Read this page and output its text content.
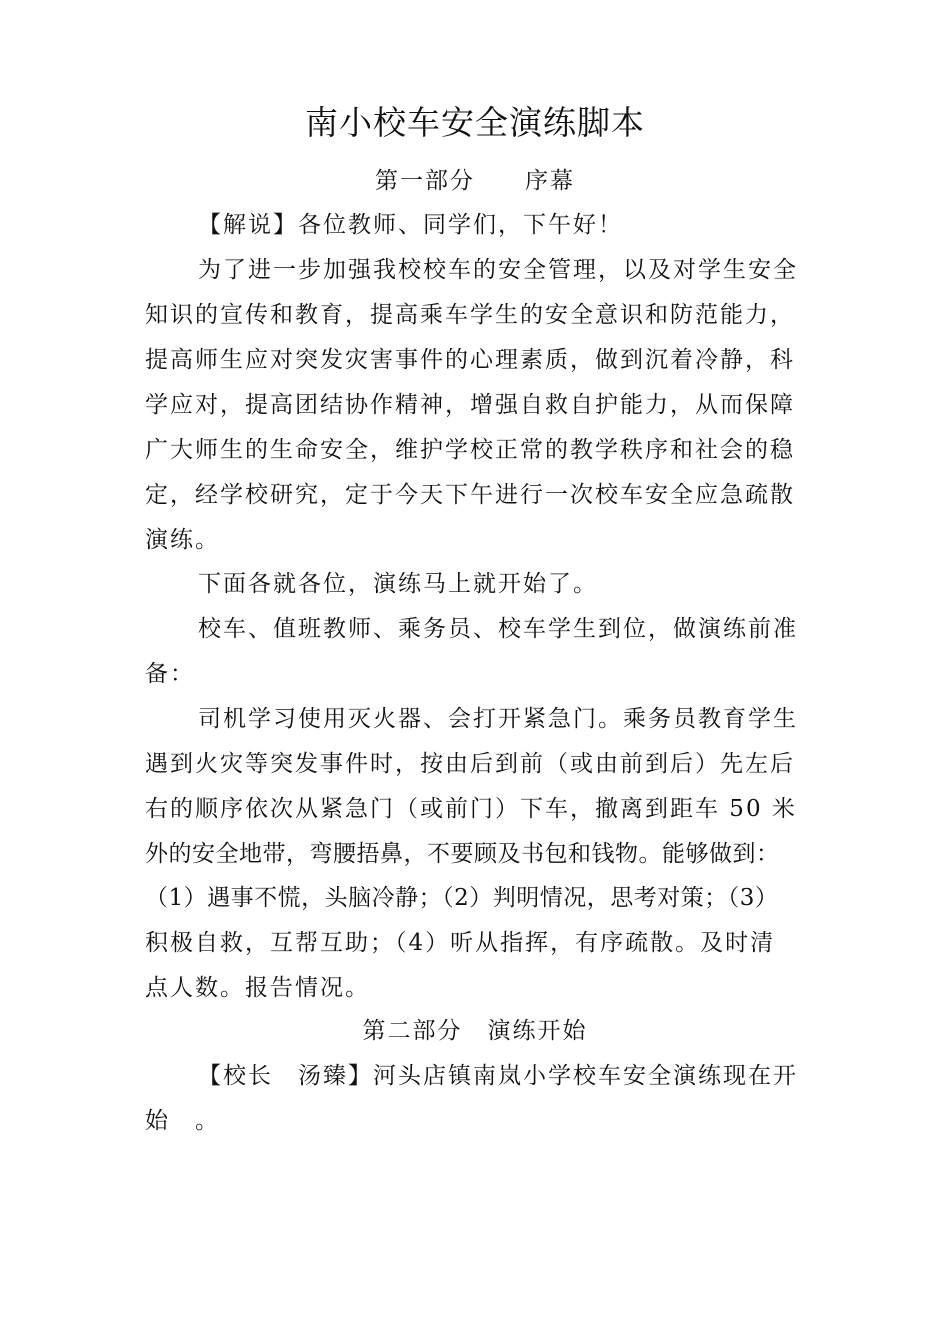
南小校车安全演练脚本
第一部分　　序幕
【解说】各位教师、同学们，下午好！
为了进一步加强我校校车的安全管理，以及对学生安全
知识的宣传和教育，提高乘车学生的安全意识和防范能力，
提高师生应对突发灾害事件的心理素质，做到沉着冷静，科
学应对，提高团结协作精神，增强自救自护能力，从而保障
广大师生的生命安全，维护学校正常的教学秩序和社会的稳
定，经学校研究，定于今天下午进行一次校车安全应急疏散
演练。
下面各就各位，演练马上就开始了。
校车、值班教师、乘务员、校车学生到位，做演练前准
备：
司机学习使用灭火器、会打开紧急门。乘务员教育学生
遇到火灾等突发事件时，按由后到前（或由前到后）先左后
右的顺序依次从紧急门（或前门）下车，撤离到距车 50 米
外的安全地带，弯腰捂鼻，不要顾及书包和钱物。能够做到：
（1）遇事不慌，头脑冷静；（2）判明情况，思考对策；（3）
积极自救，互帮互助；（4）听从指挥，有序疏散。及时清
点人数。报告情况。
第二部分　演练开始
【校长　汤臻】河头店镇南岚小学校车安全演练现在开
始　。
